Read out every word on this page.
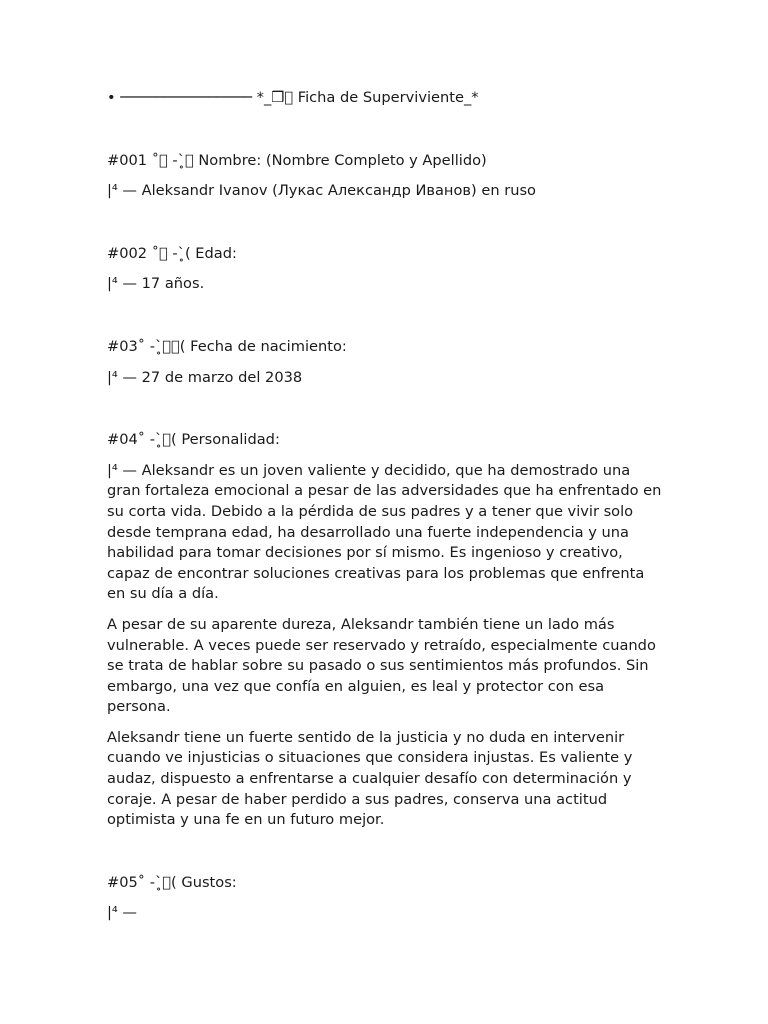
• ─────────────── *_❒⃝ Ficha de Superviviente_*

#001 ˚⃝ -ˋ̥⃝ Nombre: (Nombre Completo y Apellido)

|⁴ — Aleksandr Ivanov (Лукас Александр Иванов) en ruso

#002 ˚⃝ -ˋ̥( Edad:

|⁴ — 17 años.

#03˚ -ˋ̥⃝⃝( Fecha de nacimiento:

|⁴ — 27 de marzo del 2038

#04˚ -ˋ̥⃝( Personalidad:

|⁴ — Aleksandr es un joven valiente y decidido, que ha demostrado una gran fortaleza emocional a pesar de las adversidades que ha enfrentado en su corta vida. Debido a la pérdida de sus padres y a tener que vivir solo desde temprana edad, ha desarrollado una fuerte independencia y una habilidad para tomar decisiones por sí mismo. Es ingenioso y creativo, capaz de encontrar soluciones creativas para los problemas que enfrenta en su día a día.

A pesar de su aparente dureza, Aleksandr también tiene un lado más vulnerable. A veces puede ser reservado y retraído, especialmente cuando se trata de hablar sobre su pasado o sus sentimientos más profundos. Sin embargo, una vez que confía en alguien, es leal y protector con esa persona.

Aleksandr tiene un fuerte sentido de la justicia y no duda en intervenir cuando ve injusticias o situaciones que considera injustas. Es valiente y audaz, dispuesto a enfrentarse a cualquier desafío con determinación y coraje. A pesar de haber perdido a sus padres, conserva una actitud optimista y una fe en un futuro mejor.

#05˚ -ˋ̥⃝( Gustos:

|⁴ —
